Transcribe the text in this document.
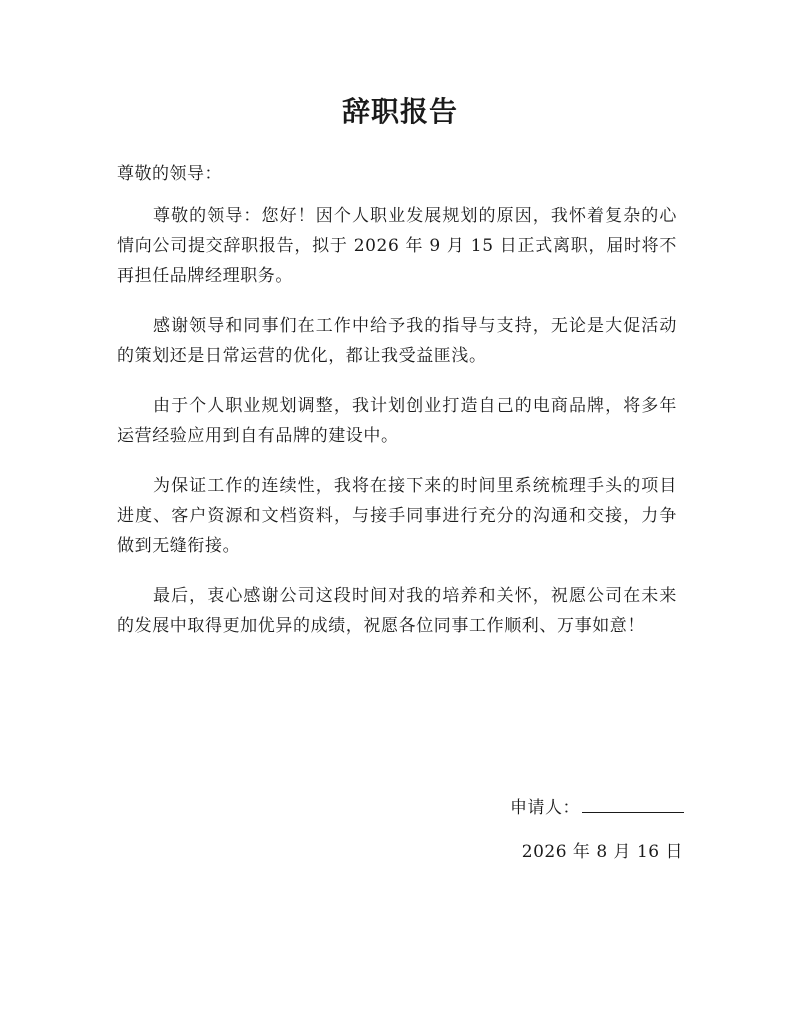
辞职报告
尊敬的领导：

尊敬的领导：您好！因个人职业发展规划的原因，我怀着复杂的心情向公司提交辞职报告，拟于 2026 年 9 月 15 日正式离职，届时将不再担任品牌经理职务。

感谢领导和同事们在工作中给予我的指导与支持，无论是大促活动的策划还是日常运营的优化，都让我受益匪浅。

由于个人职业规划调整，我计划创业打造自己的电商品牌，将多年运营经验应用到自有品牌的建设中。

为保证工作的连续性，我将在接下来的时间里系统梳理手头的项目进度、客户资源和文档资料，与接手同事进行充分的沟通和交接，力争做到无缝衔接。

最后，衷心感谢公司这段时间对我的培养和关怀，祝愿公司在未来的发展中取得更加优异的成绩，祝愿各位同事工作顺利、万事如意！

申请人：
2026 年 8 月 16 日
